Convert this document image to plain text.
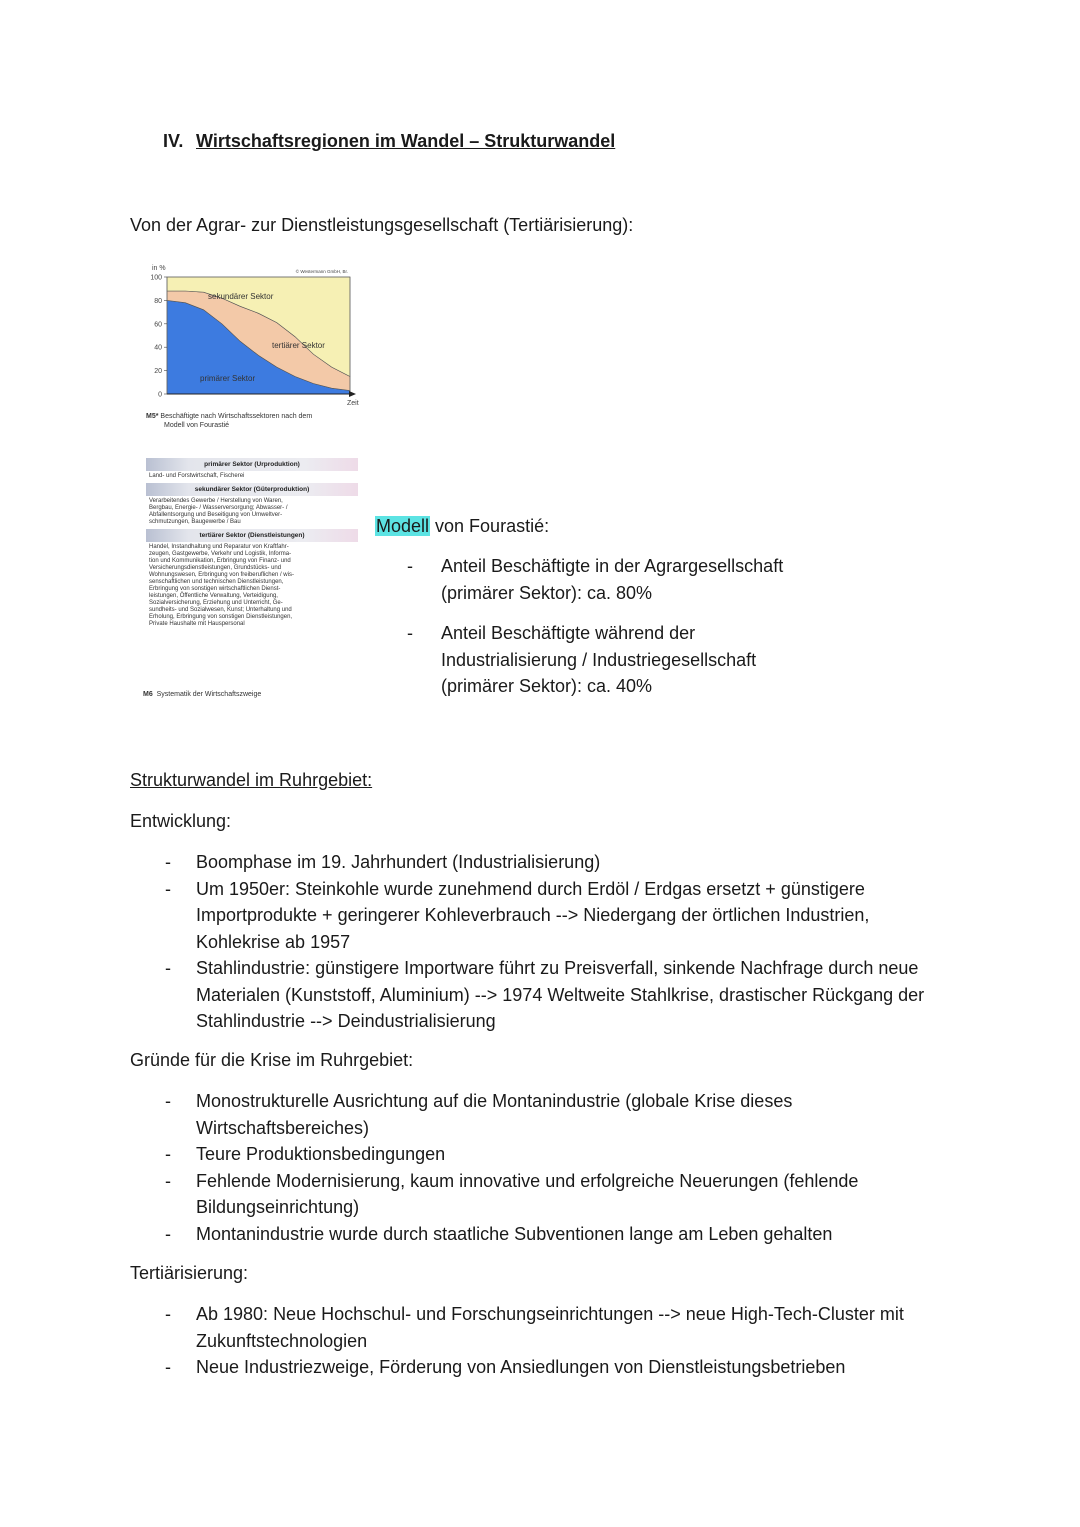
IV. Wirtschaftsregionen im Wandel – Strukturwandel
Von der Agrar- zur Dienstleistungsgesellschaft (Tertiärisierung):
0
20
40
60
80
100
in %
Zeit
© Westermann GmbH, Br.
primärer Sektor
sekundärer Sektor
tertiärer Sektor
M5* Beschäftigte nach Wirtschaftssektoren nach dem
Modell von Fourastié
primärer Sektor (Urproduktion)
Land- und Forstwirtschaft, Fischerei
sekundärer Sektor (Güterproduktion)
Verarbeitendes Gewerbe / Herstellung von Waren,
Bergbau, Energie- / Wasserversorgung; Abwasser- /
Abfallentsorgung und Beseitigung von Umweltver-
schmutzungen, Baugewerbe / Bau
tertiärer Sektor (Dienstleistungen)
Handel, Instandhaltung und Reparatur von Kraftfahr-
zeugen, Gastgewerbe, Verkehr und Logistik, Informa-
tion und Kommunikation, Erbringung von Finanz- und
Versicherungsdienstleistungen, Grundstücks- und
Wohnungswesen, Erbringung von freiberuflichen / wis-
senschaftlichen und technischen Dienstleistungen,
Erbringung von sonstigen wirtschaftlichen Dienst-
leistungen, Öffentliche Verwaltung, Verteidigung,
Sozialversicherung, Erziehung und Unterricht, Ge-
sundheits- und Sozialwesen, Kunst; Unterhaltung und
Erholung, Erbringung von sonstigen Dienstleistungen,
Private Haushalte mit Hauspersonal
M6 Systematik der Wirtschaftszweige
Modell von Fourastié:
- Anteil Beschäftigte in der Agrargesellschaft
(primärer Sektor): ca. 80%
- Anteil Beschäftigte während der
Industrialisierung / Industriegesellschaft
(primärer Sektor): ca. 40%
Strukturwandel im Ruhrgebiet:
Entwicklung:
- Boomphase im 19. Jahrhundert (Industrialisierung)
- Um 1950er: Steinkohle wurde zunehmend durch Erdöl / Erdgas ersetzt + günstigere
Importprodukte + geringerer Kohleverbrauch --> Niedergang der örtlichen Industrien,
Kohlekrise ab 1957
- Stahlindustrie: günstigere Importware führt zu Preisverfall, sinkende Nachfrage durch neue
Materialen (Kunststoff, Aluminium) --> 1974 Weltweite Stahlkrise, drastischer Rückgang der
Stahlindustrie --> Deindustrialisierung
Gründe für die Krise im Ruhrgebiet:
- Monostrukturelle Ausrichtung auf die Montanindustrie (globale Krise dieses
Wirtschaftsbereiches)
- Teure Produktionsbedingungen
- Fehlende Modernisierung, kaum innovative und erfolgreiche Neuerungen (fehlende
Bildungseinrichtung)
- Montanindustrie wurde durch staatliche Subventionen lange am Leben gehalten
Tertiärisierung:
- Ab 1980: Neue Hochschul- und Forschungseinrichtungen --> neue High-Tech-Cluster mit
Zukunftstechnologien
- Neue Industriezweige, Förderung von Ansiedlungen von Dienstleistungsbetrieben
